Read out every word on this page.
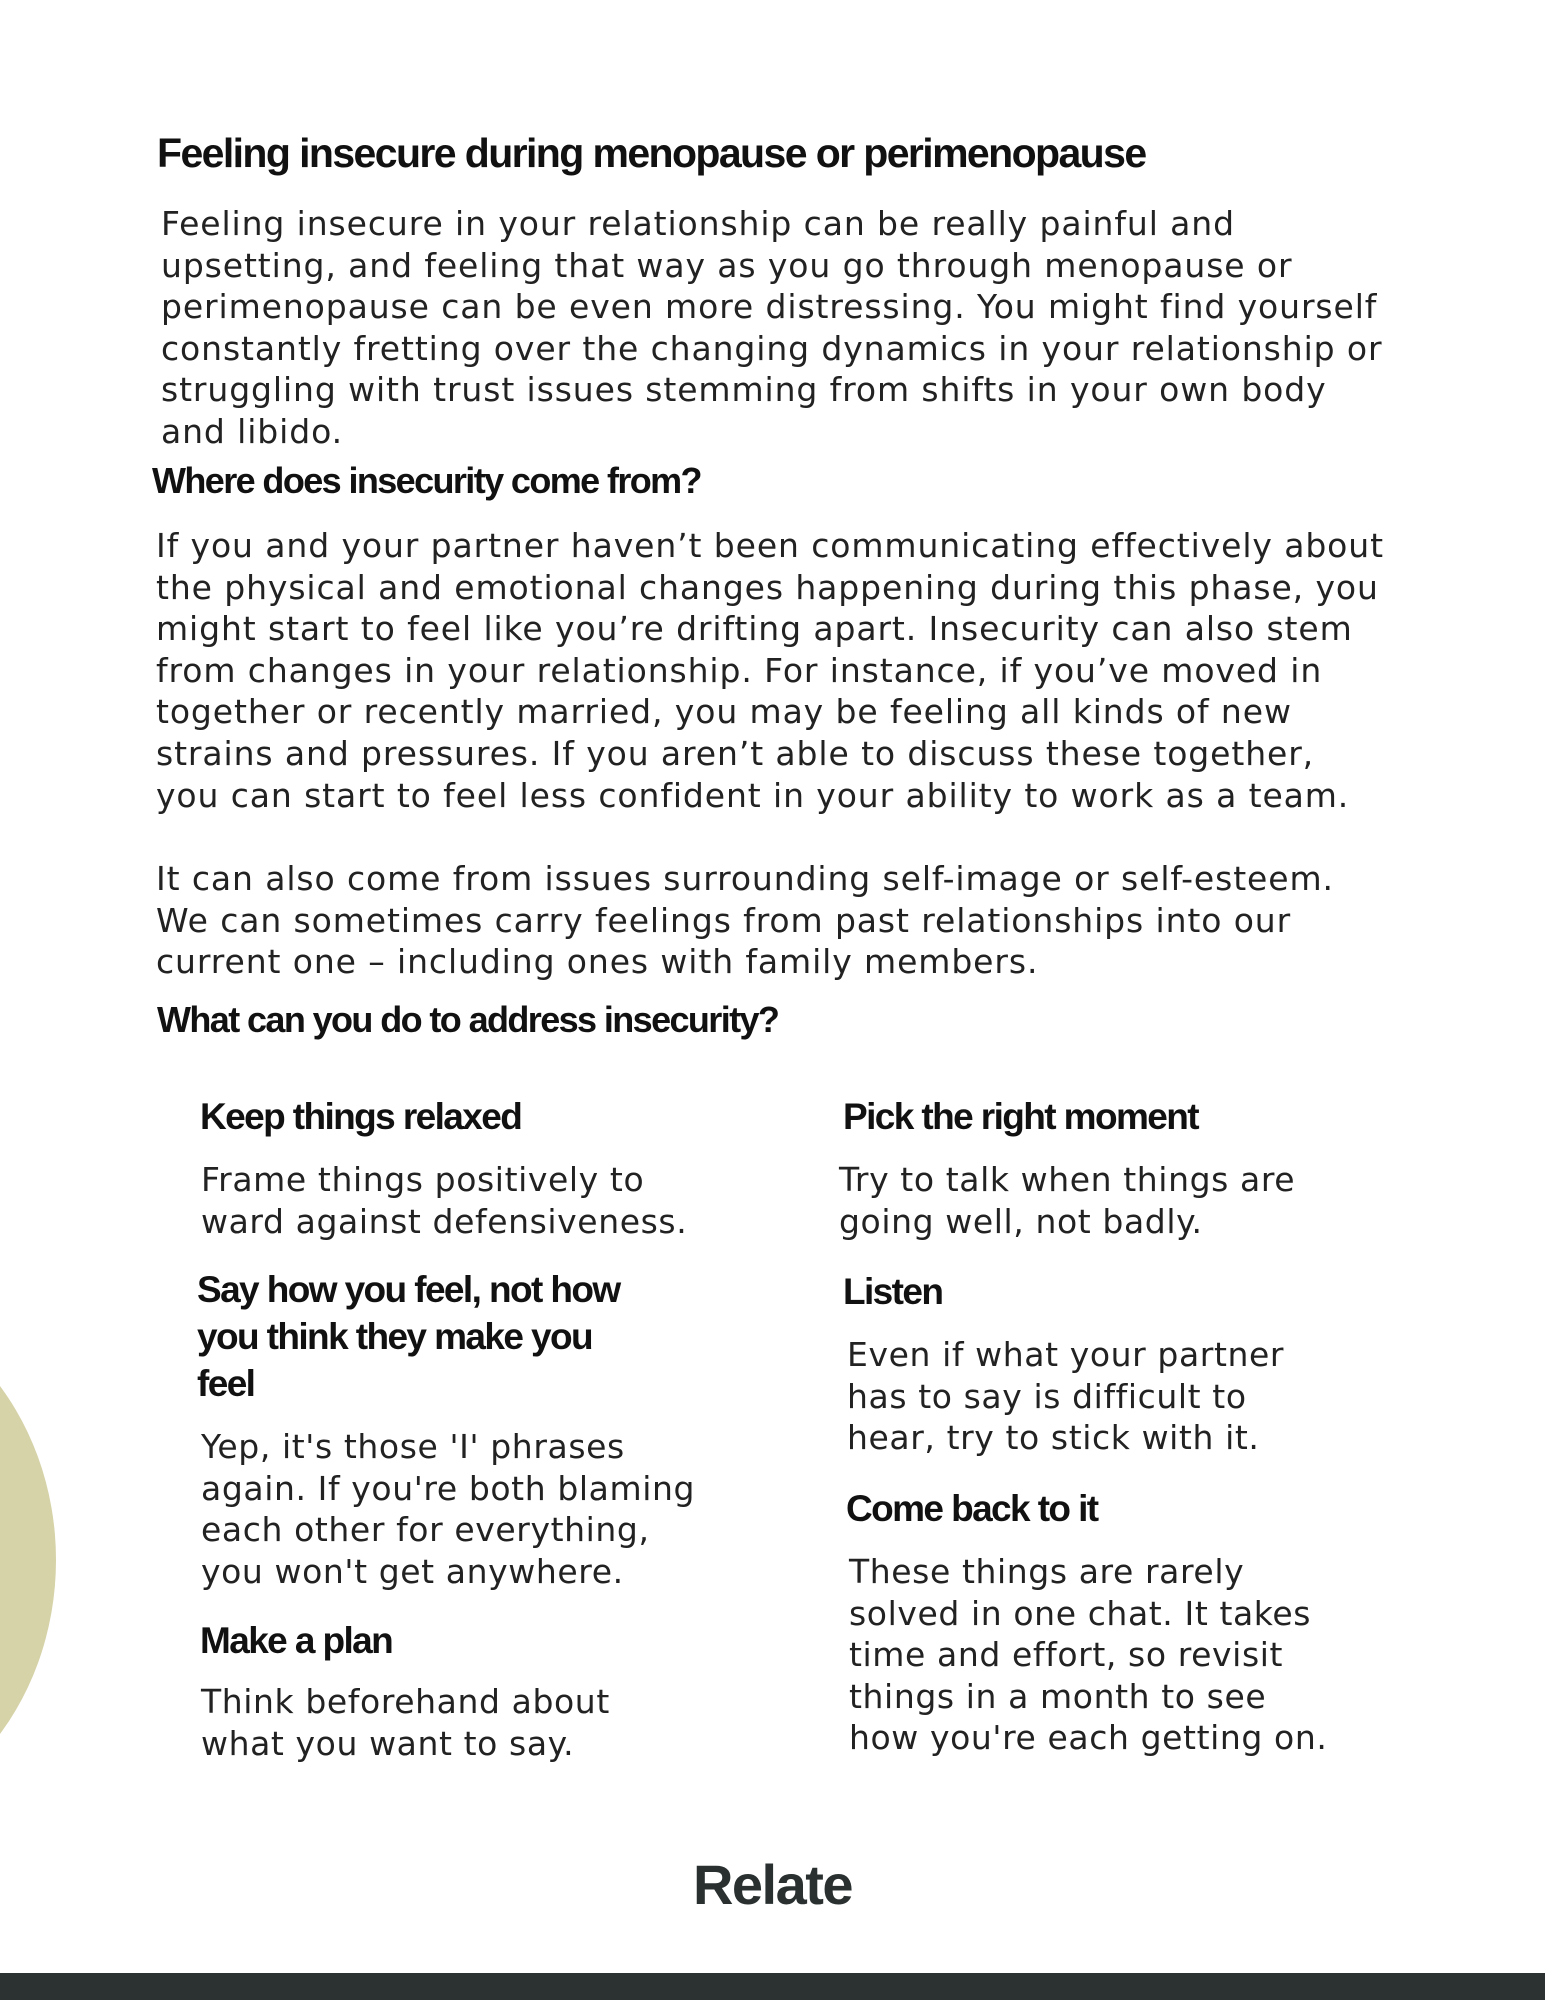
Feeling insecure during menopause or perimenopause

Feeling insecure in your relationship can be really painful and
upsetting, and feeling that way as you go through menopause or
perimenopause can be even more distressing. You might find yourself
constantly fretting over the changing dynamics in your relationship or
struggling with trust issues stemming from shifts in your own body
and libido.

Where does insecurity come from?

If you and your partner haven’t been communicating effectively about
the physical and emotional changes happening during this phase, you
might start to feel like you’re drifting apart. Insecurity can also stem
from changes in your relationship. For instance, if you’ve moved in
together or recently married, you may be feeling all kinds of new
strains and pressures. If you aren’t able to discuss these together,
you can start to feel less confident in your ability to work as a team.

It can also come from issues surrounding self-image or self-esteem.
We can sometimes carry feelings from past relationships into our
current one – including ones with family members.

What can you do to address insecurity?
Keep things relaxed

Frame things positively to
ward against defensiveness.

Say how you feel, not how
you think they make you
feel

Yep, it's those 'I' phrases
again. If you're both blaming
each other for everything,
you won't get anywhere.

Make a plan

Think beforehand about
what you want to say.

Pick the right moment

Try to talk when things are
going well, not badly.

Listen

Even if what your partner
has to say is difficult to
hear, try to stick with it.

Come back to it

These things are rarely
solved in one chat. It takes
time and effort, so revisit
things in a month to see
how you're each getting on.

Relate
